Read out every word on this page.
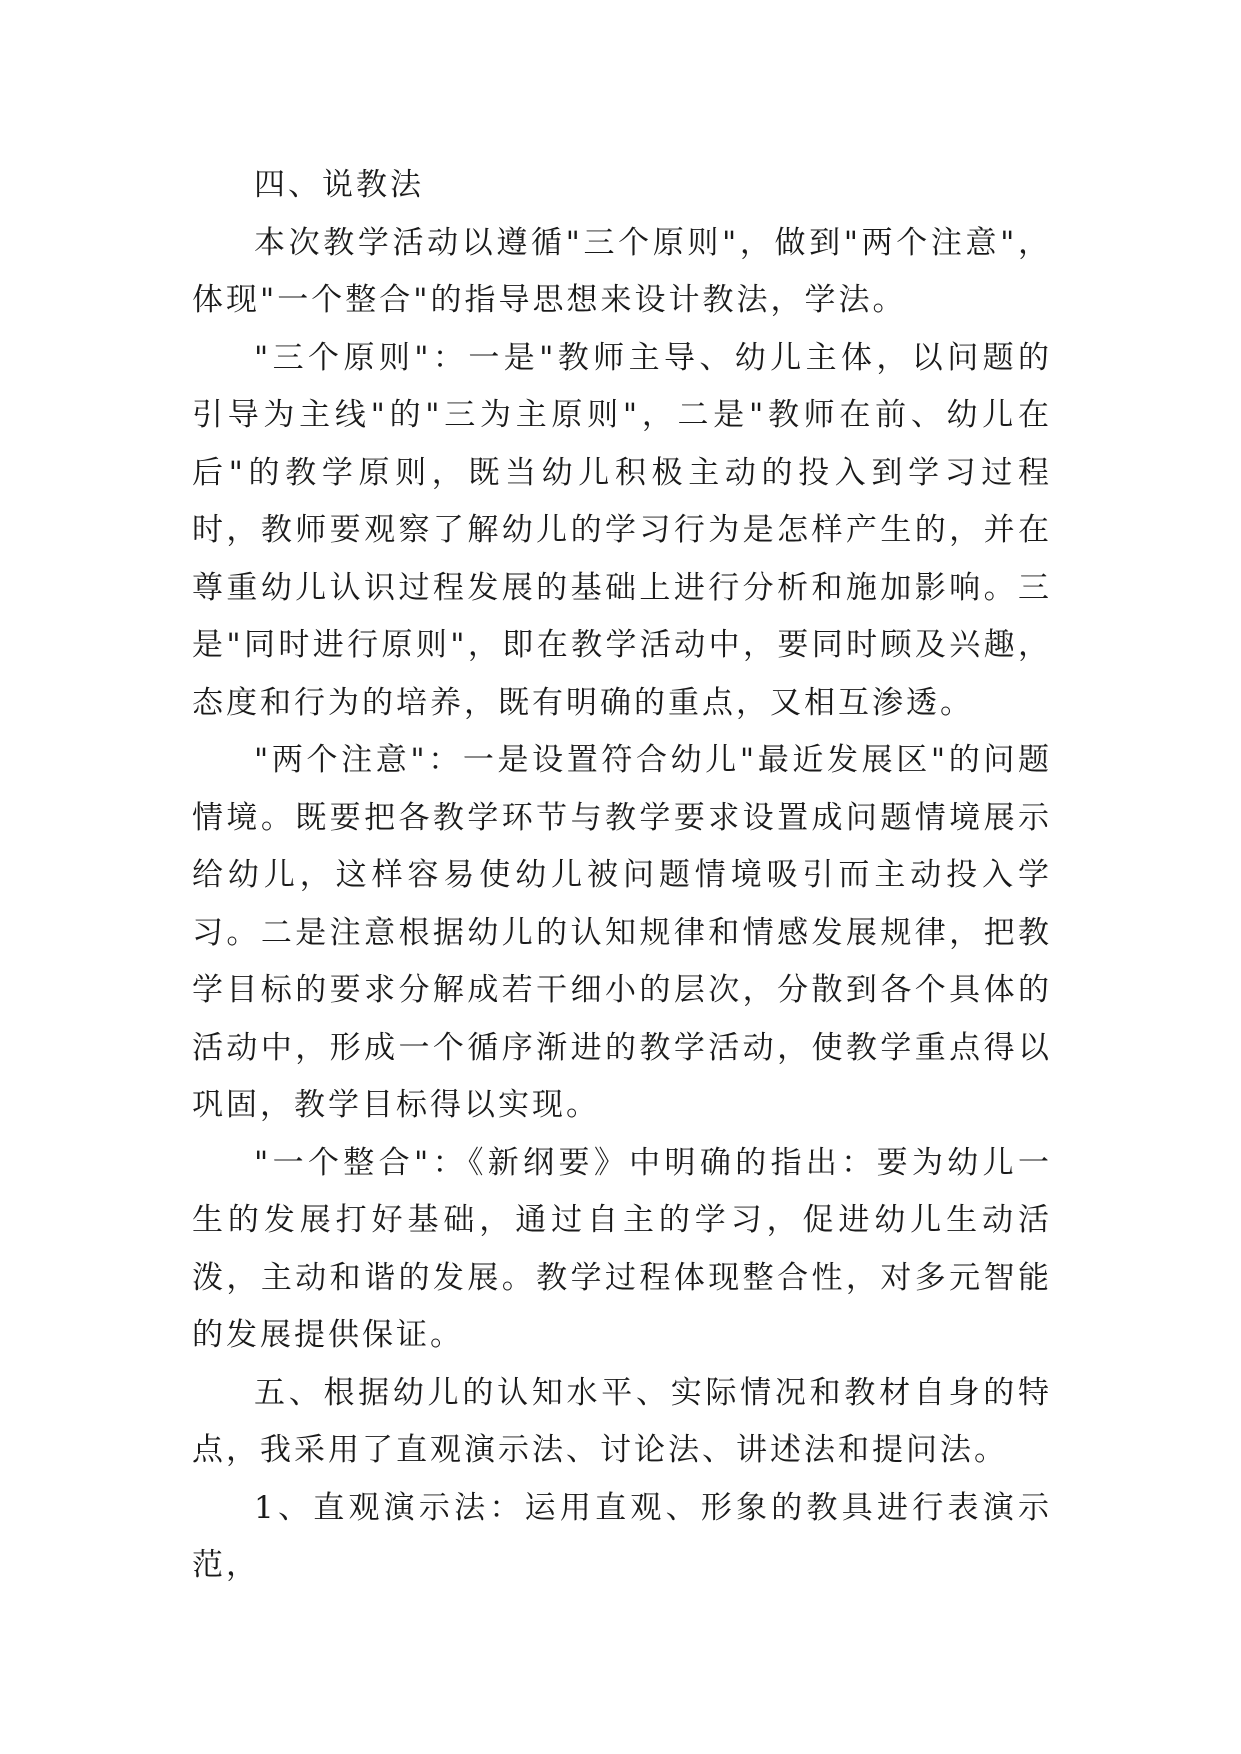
四、说教法

本次教学活动以遵循"三个原则"，做到"两个注意"，体现"一个整合"的指导思想来设计教法，学法。

"三个原则"：一是"教师主导、幼儿主体，以问题的引导为主线"的"三为主原则"，二是"教师在前、幼儿在后"的教学原则，既当幼儿积极主动的投入到学习过程时，教师要观察了解幼儿的学习行为是怎样产生的，并在尊重幼儿认识过程发展的基础上进行分析和施加影响。三是"同时进行原则"，即在教学活动中，要同时顾及兴趣，态度和行为的培养，既有明确的重点，又相互渗透。

"两个注意"：一是设置符合幼儿"最近发展区"的问题情境。既要把各教学环节与教学要求设置成问题情境展示给幼儿，这样容易使幼儿被问题情境吸引而主动投入学习。二是注意根据幼儿的认知规律和情感发展规律，把教学目标的要求分解成若干细小的层次，分散到各个具体的活动中，形成一个循序渐进的教学活动，使教学重点得以巩固，教学目标得以实现。

"一个整合"：《新纲要》中明确的指出：要为幼儿一生的发展打好基础，通过自主的学习，促进幼儿生动活泼，主动和谐的发展。教学过程体现整合性，对多元智能的发展提供保证。

五、根据幼儿的认知水平、实际情况和教材自身的特点，我采用了直观演示法、讨论法、讲述法和提问法。

1、直观演示法：运用直观、形象的教具进行表演示范，
